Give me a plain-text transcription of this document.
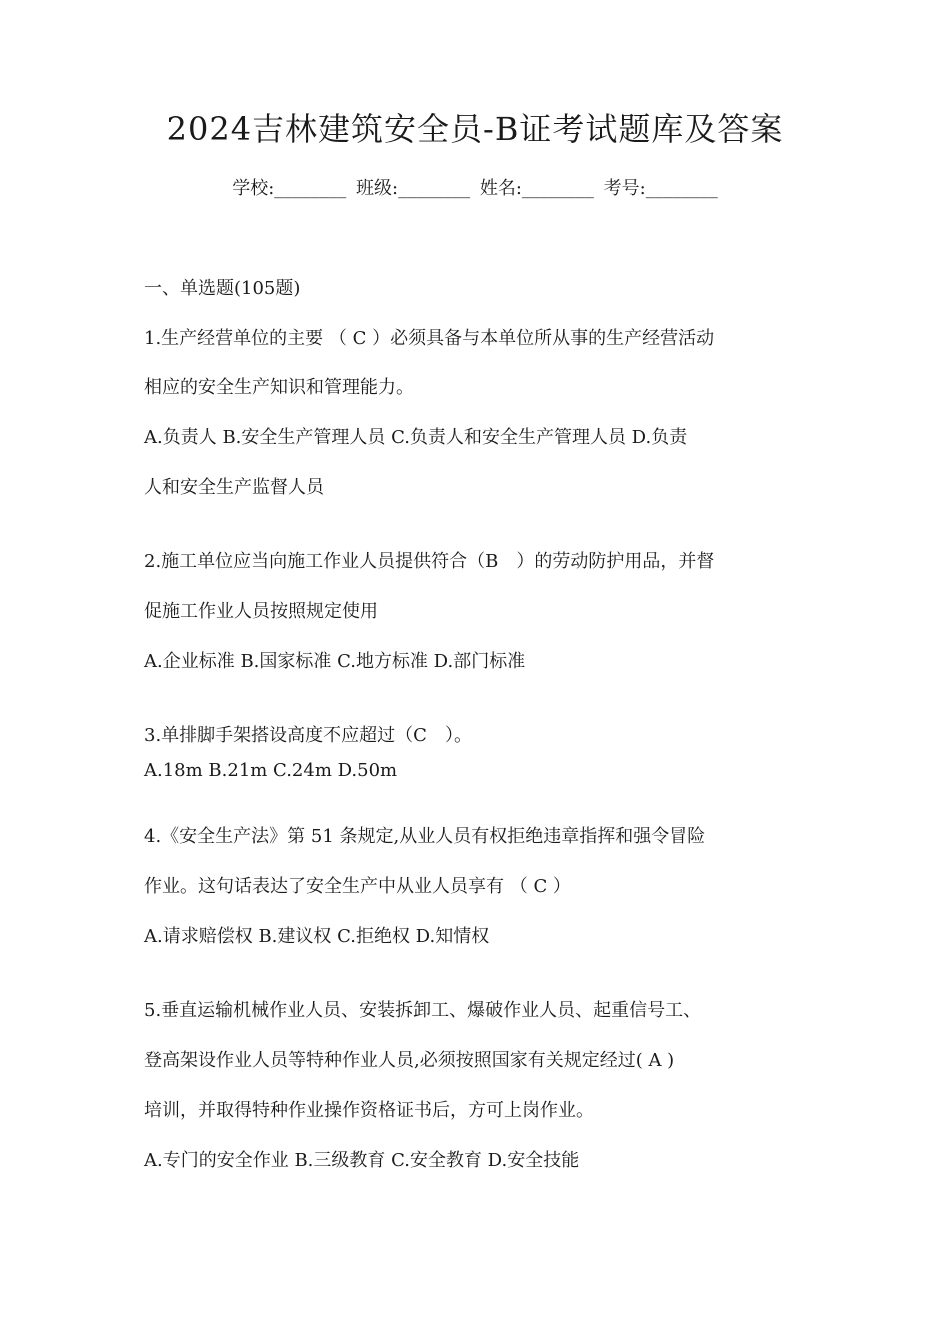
2024吉林建筑安全员-B证考试题库及答案
学校:________ 班级:________ 姓名:________ 考号:________
一、单选题(105题)
1.生产经营单位的主要 （ C ）必须具备与本单位所从事的生产经营活动
相应的安全生产知识和管理能力。
A.负责人 B.安全生产管理人员 C.负责人和安全生产管理人员 D.负责
人和安全生产监督人员
2.施工单位应当向施工作业人员提供符合（B　）的劳动防护用品，并督
促施工作业人员按照规定使用
A.企业标准 B.国家标准 C.地方标准 D.部门标准
3.单排脚手架搭设高度不应超过（C　）。
A.18m B.21m C.24m D.50m
4.《安全生产法》第 51 条规定,从业人员有权拒绝违章指挥和强令冒险
作业。这句话表达了安全生产中从业人员享有 （ C ）
A.请求赔偿权 B.建议权 C.拒绝权 D.知情权
5.垂直运输机械作业人员、安装拆卸工、爆破作业人员、起重信号工、
登高架设作业人员等特种作业人员,必须按照国家有关规定经过( A )
培训，并取得特种作业操作资格证书后，方可上岗作业。
A.专门的安全作业 B.三级教育 C.安全教育 D.安全技能
